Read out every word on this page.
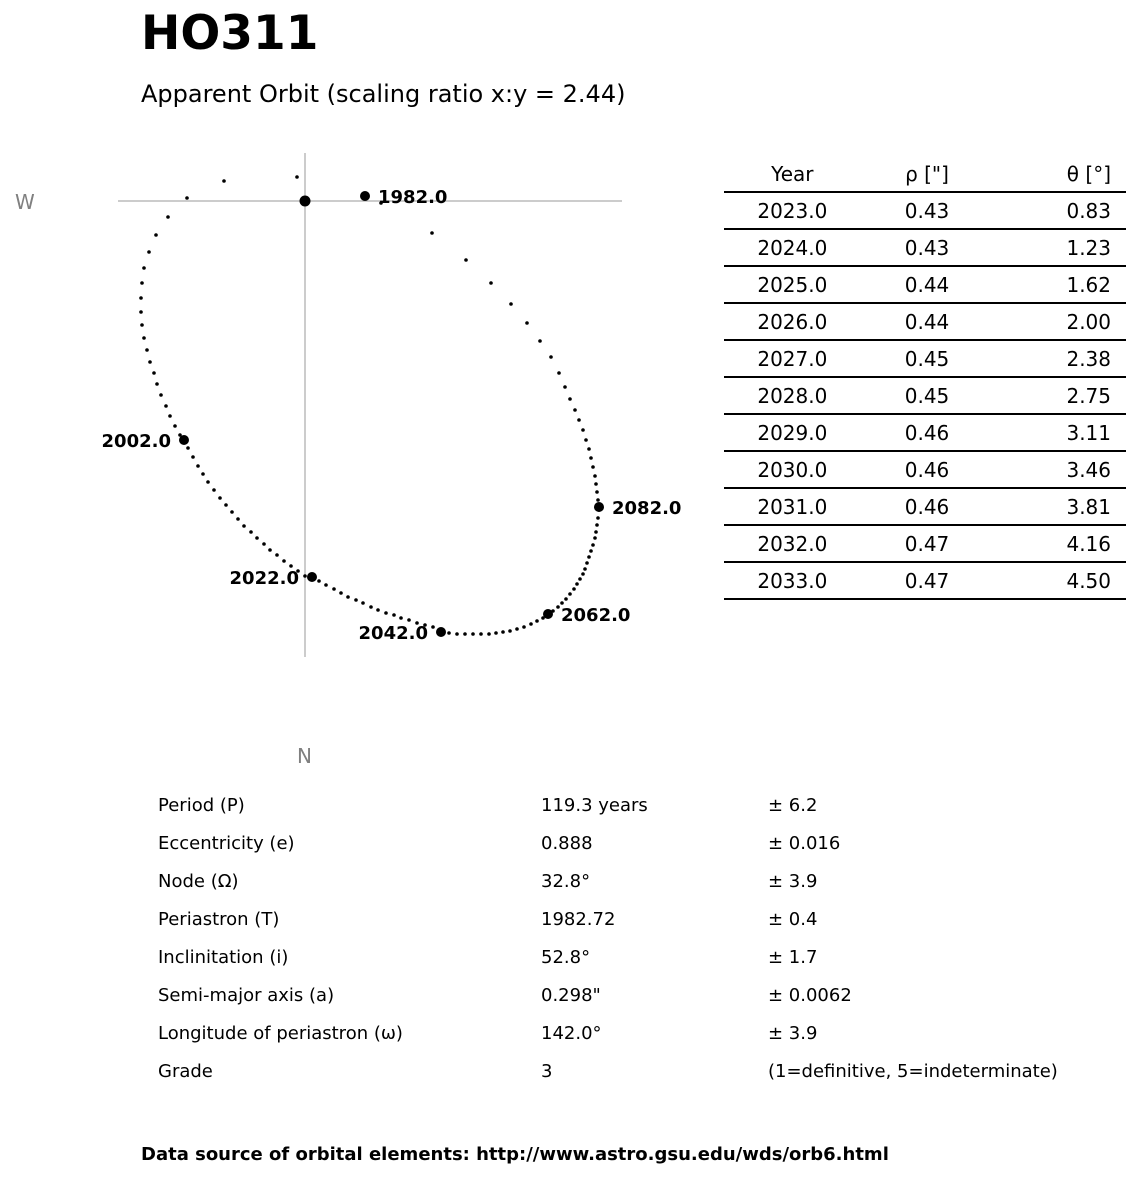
HO311
Apparent Orbit (scaling ratio x:y = 2.44)
W
N
1982.0
2002.0
2022.0
2042.0
2062.0
2082.0
Year	ρ ["]	θ [°]
2023.0	0.43	0.83
2024.0	0.43	1.23
2025.0	0.44	1.62
2026.0	0.44	2.00
2027.0	0.45	2.38
2028.0	0.45	2.75
2029.0	0.46	3.11
2030.0	0.46	3.46
2031.0	0.46	3.81
2032.0	0.47	4.16
2033.0	0.47	4.50
Period (P)	119.3 years	± 6.2
Eccentricity (e)	0.888	± 0.016
Node (Ω)	32.8°	± 3.9
Periastron (T)	1982.72	± 0.4
Inclinitation (i)	52.8°	± 1.7
Semi-major axis (a)	0.298"	± 0.0062
Longitude of periastron (ω)	142.0°	± 3.9
Grade	3	(1=definitive, 5=indeterminate)
Data source of orbital elements: http://www.astro.gsu.edu/wds/orb6.html
